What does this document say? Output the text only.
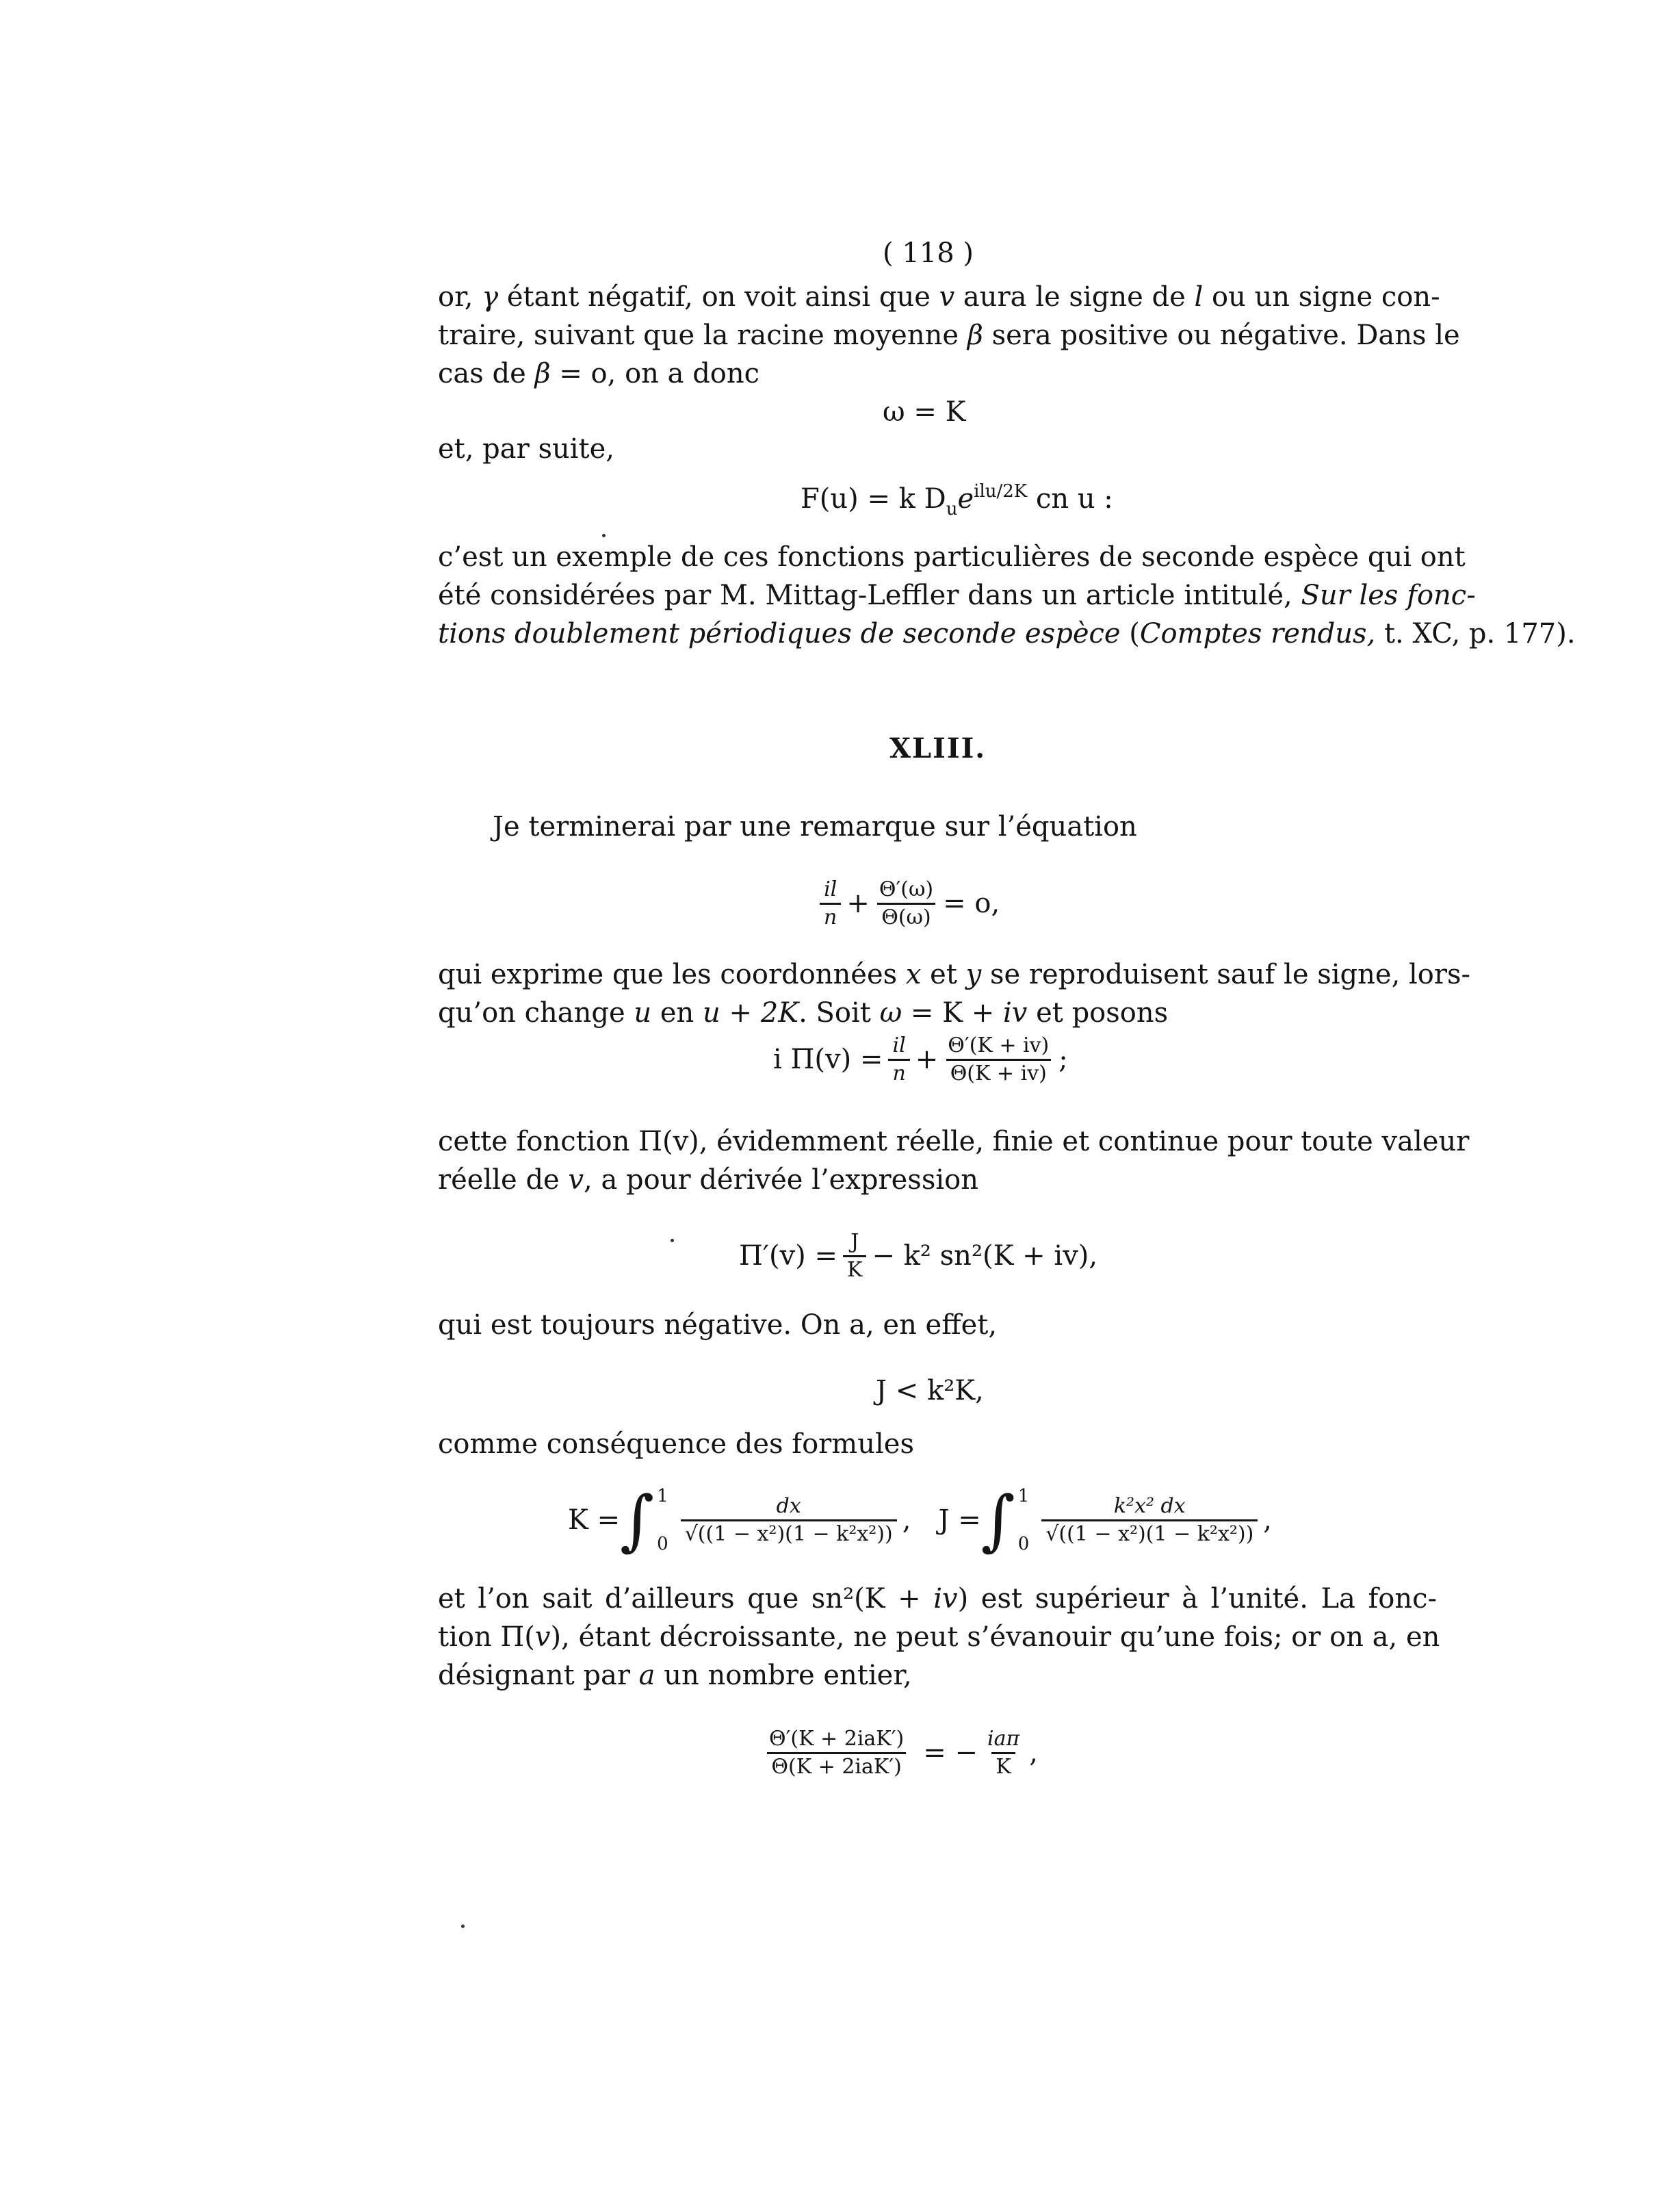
( 118 )

or, γ étant négatif, on voit ainsi que v aura le signe de l ou un signe con-

traire, suivant que la racine moyenne β sera positive ou négative. Dans le

cas de β = o, on a donc

ω = K

et, par suite,

F(u) = k $D_ue^{ilu/2K}$ cn u :

c’est un exemple de ces fonctions particulières de seconde espèce qui ont

été considérées par M. Mittag-Leffler dans un article intitulé, Sur les fonc-

tions doublement périodiques de seconde espèce (Comptes rendus, t. XC, p. 177).

XLIII.

Je terminerai par une remarque sur l’équation

$\frac{il}{n} + \frac{\Theta'(\omega)}{\Theta(\omega)} = o$,

qui exprime que les coordonnées x et y se reproduisent sauf le signe, lors-

qu’on change u en u + 2K. Soit ω = K + iv et posons

i $\Pi(v) = \frac{il}{n} + \frac{\Theta'(K + iv)}{\Theta(K + iv)}$ ;

cette fonction Π(v), évidemment réelle, finie et continue pour toute valeur

réelle de v, a pour dérivée l’expression

$\Pi'(v) = \frac{J}{K} - k^2$ sn²(K + iv),

qui est toujours négative. On a, en effet,

J < k²K,

comme conséquence des formules

K = ∫ 1
$0 \frac{dx}{\text{√((1 − x²)(1 − k²x²))}}$ , J = ∫ 1
$0 \frac{\text{k²x² dx}}{\text{√((1 − x²)(1 − k²x²))}}$ ,

et l’on sait d’ailleurs que sn²(K + iv) est supérieur à l’unité. La fonc-

tion Π(v), étant décroissante, ne peut s’évanouir qu’une fois; or on a, en

désignant par a un nombre entier,

$\frac{\text{Θ′(K + 2iaK′)}}{\text{Θ(K + 2iaK′)}}$ = − $\frac{\text{iaπ}}{K}$ ,
